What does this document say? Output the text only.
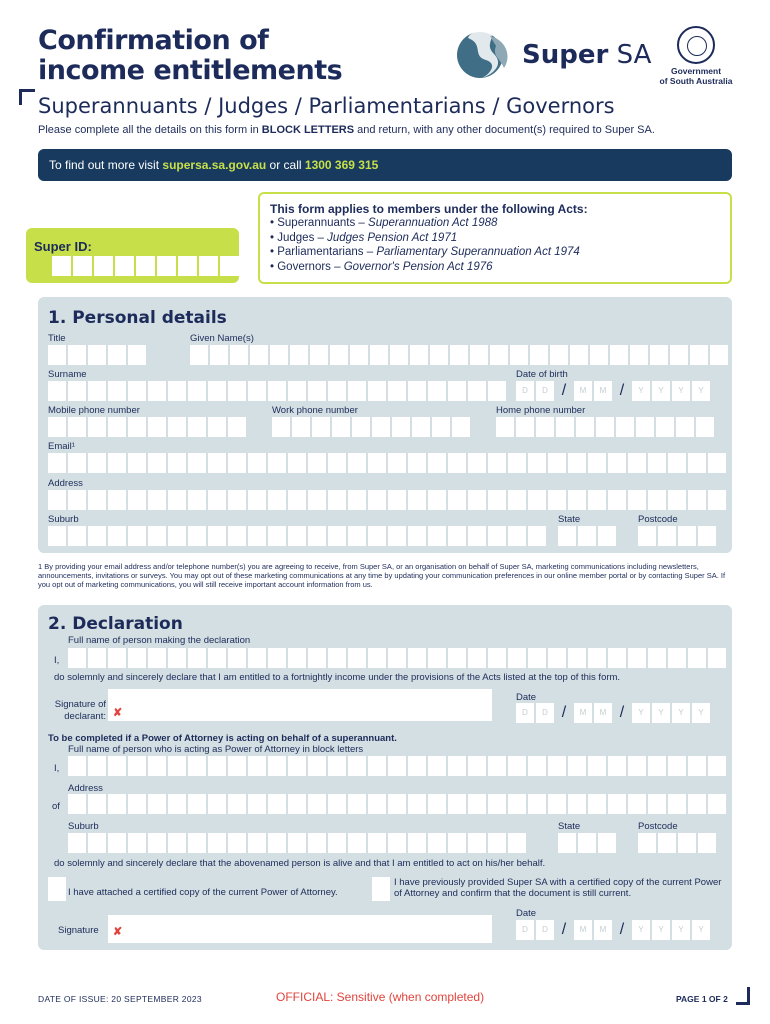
Confirmation of
income entitlements
Superannuants / Judges / Parliamentarians / Governors
Please complete all the details on this form in BLOCK LETTERS and return, with any other document(s) required to Super SA.
Super SA
Government
of South Australia
To find out more visit supersa.sa.gov.au or call 1300 369 315
This form applies to members under the following Acts:
• Superannuants – Superannuation Act 1988
• Judges – Judges Pension Act 1971
• Parliamentarians – Parliamentary Superannuation Act 1974
• Governors – Governor's Pension Act 1976
Super ID:
1. Personal details
Title	Given Name(s)
Surname	Date of birth
D	D /	M	M /	Y	Y	Y	Y
Mobile phone number	Work phone number	Home phone number
Email¹
Address
Suburb	State	Postcode
1 By providing your email address and/or telephone number(s) you are agreeing to receive, from Super SA, or an organisation on behalf of Super SA, marketing communications including newsletters, announcements, invitations or surveys. You may opt out of these marketing communications at any time by updating your communication preferences in our online member portal or by contacting Super SA. If you opt out of marketing communications, you will still receive important account information from us.
2. Declaration
Full name of person making the declaration
I,
do solemnly and sincerely declare that I am entitled to a fortnightly income under the provisions of the Acts listed at the top of this form.
Signature of
declarant: ✘
Date
D	D /	M	M /	Y	Y	Y	Y
To be completed if a Power of Attorney is acting on behalf of a superannuant.
Full name of person who is acting as Power of Attorney in block letters
I,
Address
of
Suburb	State	Postcode
do solemnly and sincerely declare that the abovenamed person is alive and that I am entitled to act on his/her behalf.
I have attached a certified copy of the current Power of Attorney.
I have previously provided Super SA with a certified copy of the current Power of Attorney and confirm that the document is still current.
Signature ✘
Date
D	D /	M	M /	Y	Y	Y	Y
DATE OF ISSUE: 20 SEPTEMBER 2023	OFFICIAL: Sensitive (when completed)	PAGE 1 OF 2
